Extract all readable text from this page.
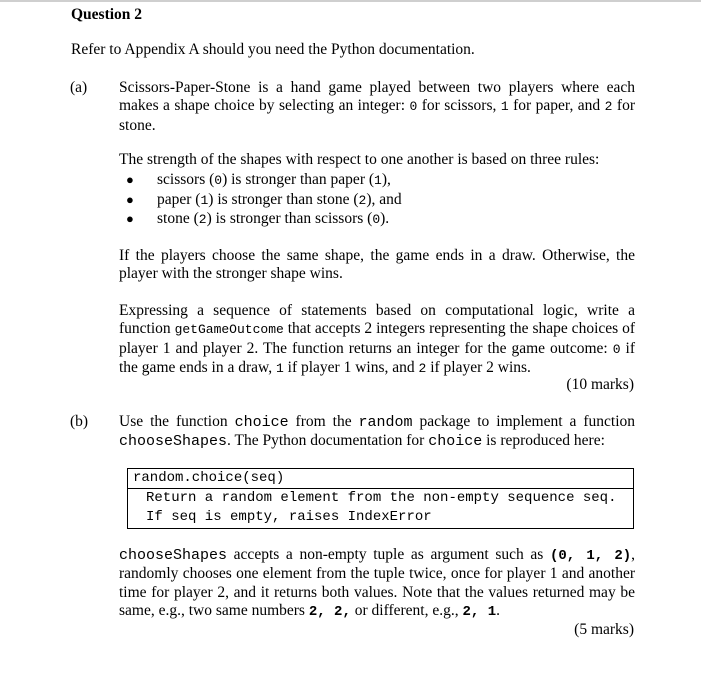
Question 2
Refer to Appendix A should you need the Python documentation.
(a) Scissors-Paper-Stone is a hand game played between two players where each makes a shape choice by selecting an integer: 0 for scissors, 1 for paper, and 2 for stone.
The strength of the shapes with respect to one another is based on three rules:
● scissors (0) is stronger than paper (1),
● paper (1) is stronger than stone (2), and
● stone (2) is stronger than scissors (0).
If the players choose the same shape, the game ends in a draw. Otherwise, the player with the stronger shape wins.
Expressing a sequence of statements based on computational logic, write a function getGameOutcome that accepts 2 integers representing the shape choices of player 1 and player 2. The function returns an integer for the game outcome: 0 if the game ends in a draw, 1 if player 1 wins, and 2 if player 2 wins.
(10 marks)
(b) Use the function choice from the random package to implement a function chooseShapes. The Python documentation for choice is reproduced here:
random.choice(seq)
Return a random element from the non-empty sequence seq.
If seq is empty, raises IndexError
chooseShapes accepts a non-empty tuple as argument such as (0, 1, 2), randomly chooses one element from the tuple twice, once for player 1 and another time for player 2, and it returns both values. Note that the values returned may be same, e.g., two same numbers 2, 2, or different, e.g., 2, 1.
(5 marks)
